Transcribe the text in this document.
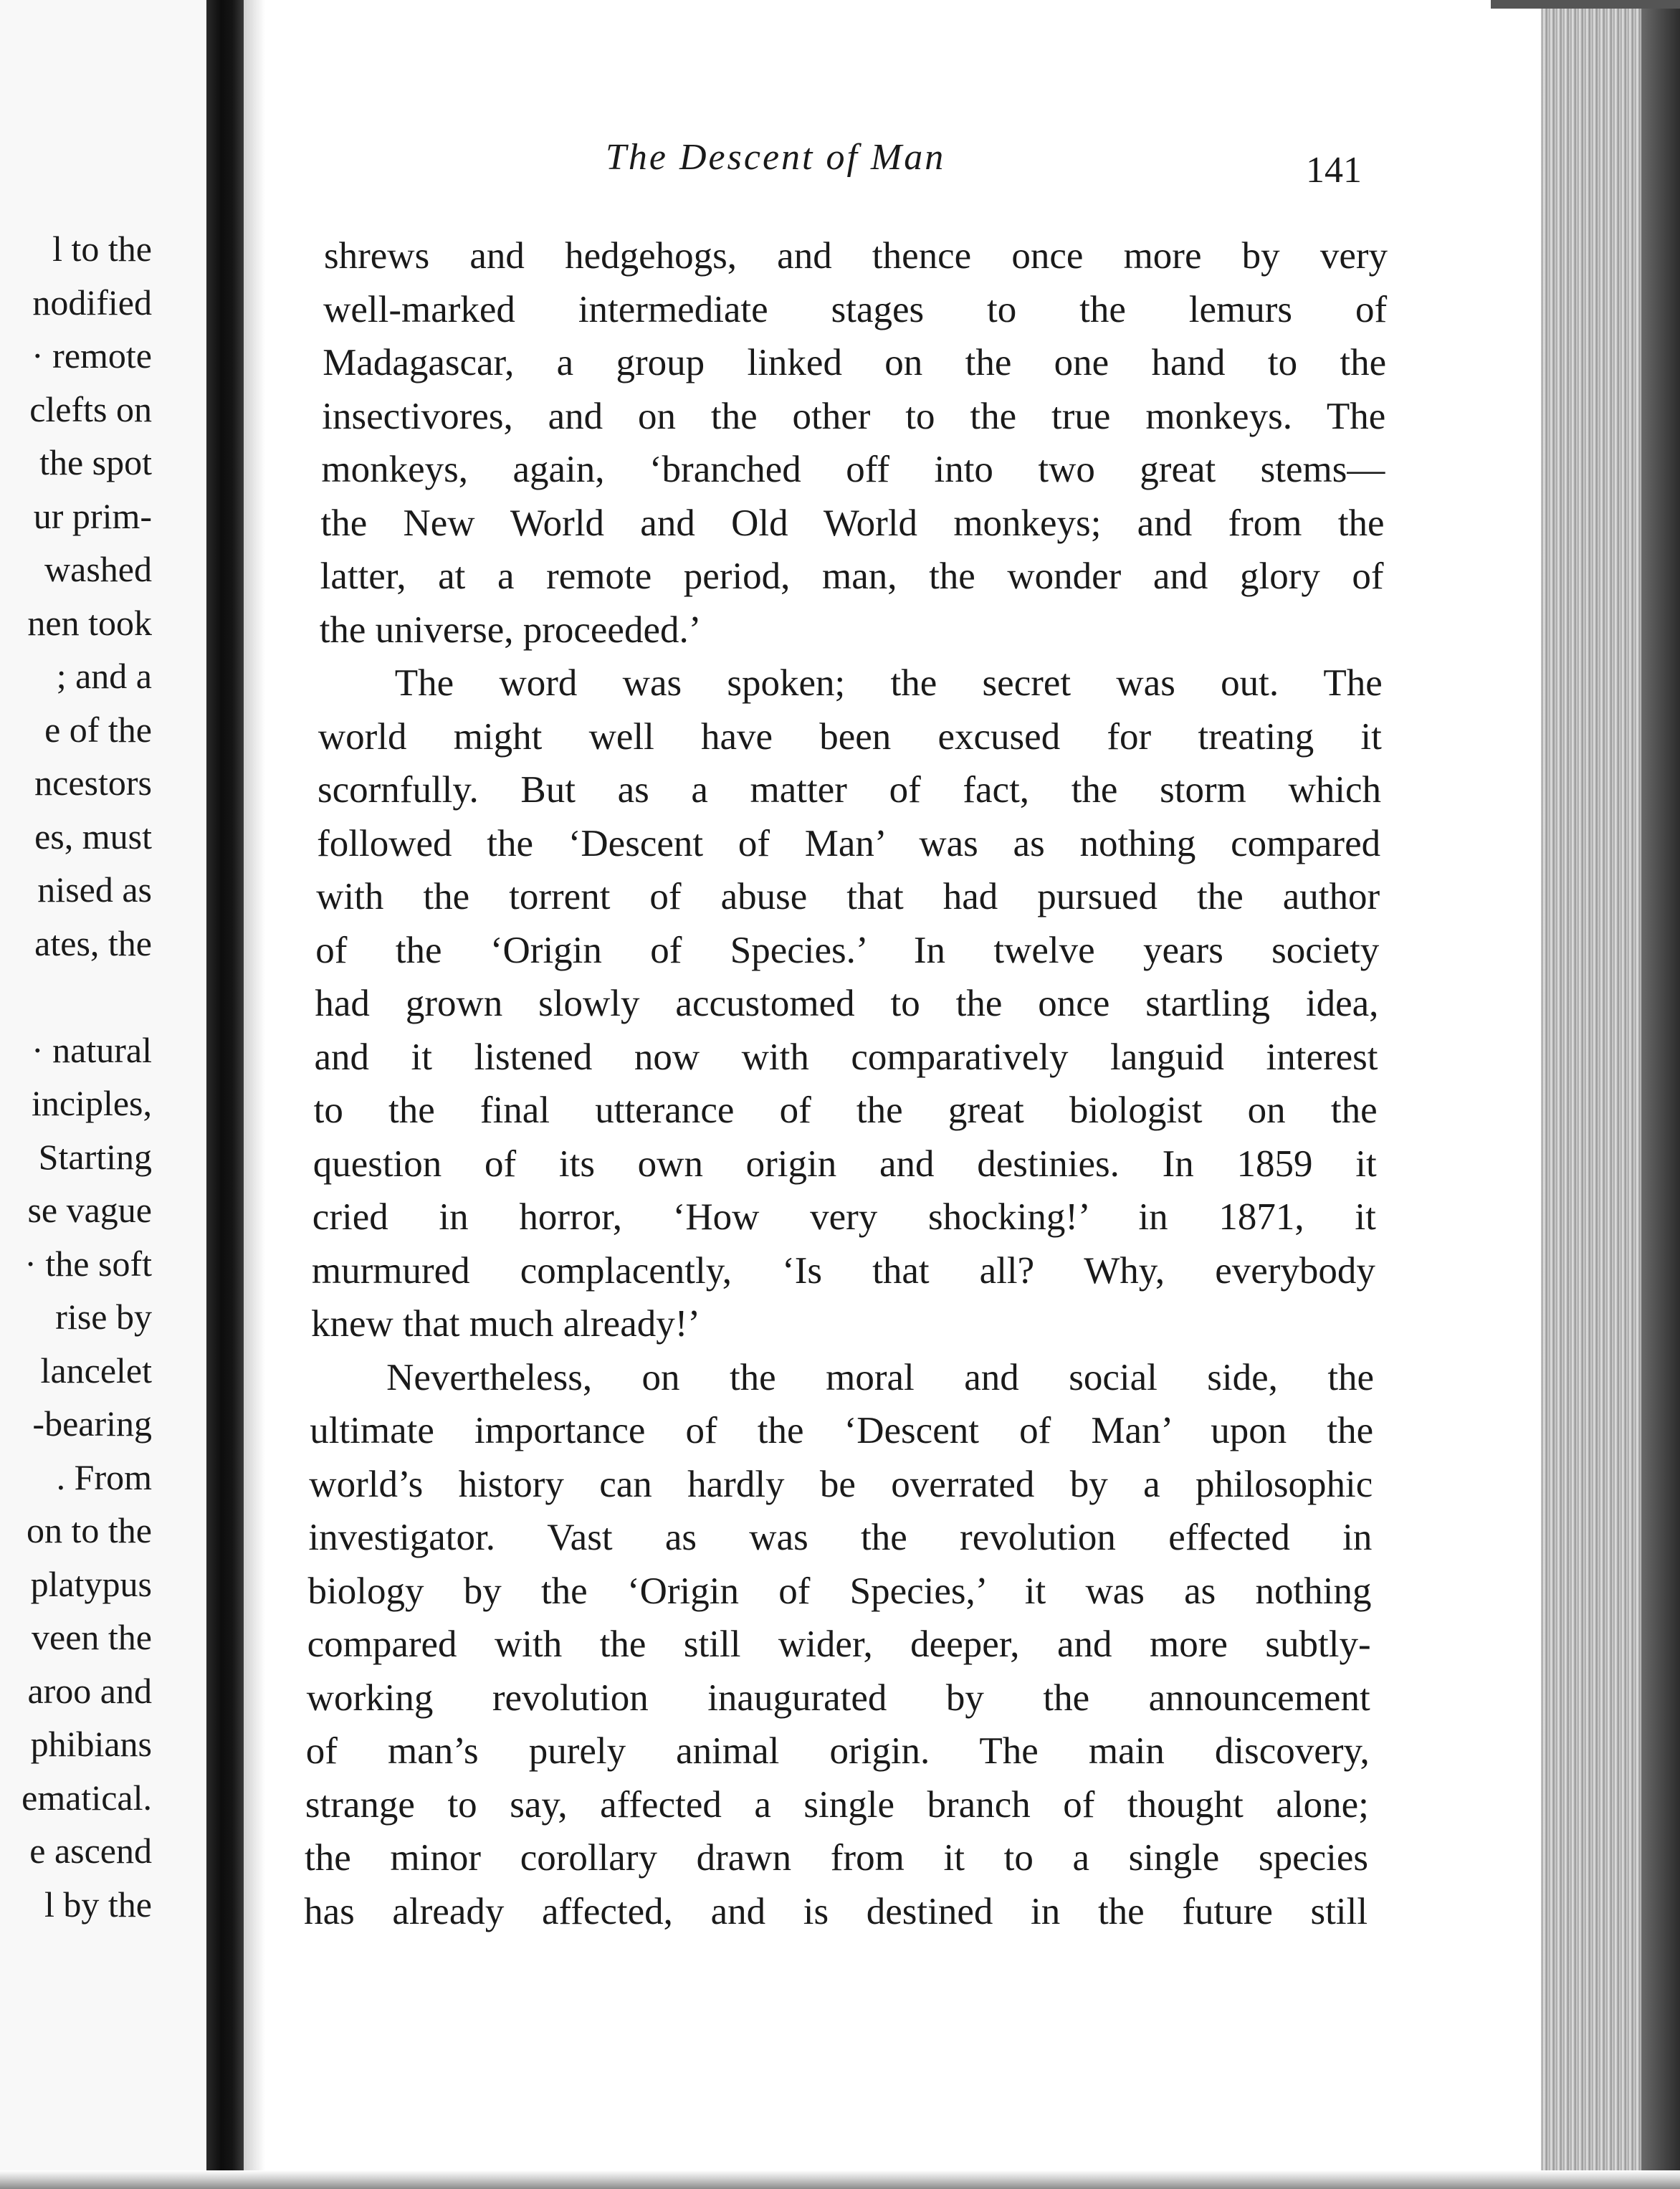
l to the
nodified
· remote
clefts on
the spot
ur prim-
washed
nen took
; and a
e of the
ncestors
es, must
nised as
ates, the
· natural
inciples,
Starting
se vague
· the soft
rise by
lancelet
-bearing
. From
on to the
platypus
veen the
aroo and
phibians
ematical.
e ascend
l by the
The Descent of Man	141
shrews and hedgehogs, and thence once more by very
well-marked intermediate stages to the lemurs of
Madagascar, a group linked on the one hand to the
insectivores, and on the other to the true monkeys. The
monkeys, again, ‘branched off into two great stems—
the New World and Old World monkeys; and from the
latter, at a remote period, man, the wonder and glory of
the universe, proceeded.’
The word was spoken; the secret was out. The
world might well have been excused for treating it
scornfully. But as a matter of fact, the storm which
followed the ‘Descent of Man’ was as nothing compared
with the torrent of abuse that had pursued the author
of the ‘Origin of Species.’ In twelve years society
had grown slowly accustomed to the once startling idea,
and it listened now with comparatively languid interest
to the final utterance of the great biologist on the
question of its own origin and destinies. In 1859 it
cried in horror, ‘How very shocking!’ in 1871, it
murmured complacently, ‘Is that all? Why, everybody
knew that much already!’
Nevertheless, on the moral and social side, the
ultimate importance of the ‘Descent of Man’ upon the
world’s history can hardly be overrated by a philosophic
investigator. Vast as was the revolution effected in
biology by the ‘Origin of Species,’ it was as nothing
compared with the still wider, deeper, and more subtly-
working revolution inaugurated by the announcement
of man’s purely animal origin. The main discovery,
strange to say, affected a single branch of thought alone;
the minor corollary drawn from it to a single species
has already affected, and is destined in the future still
